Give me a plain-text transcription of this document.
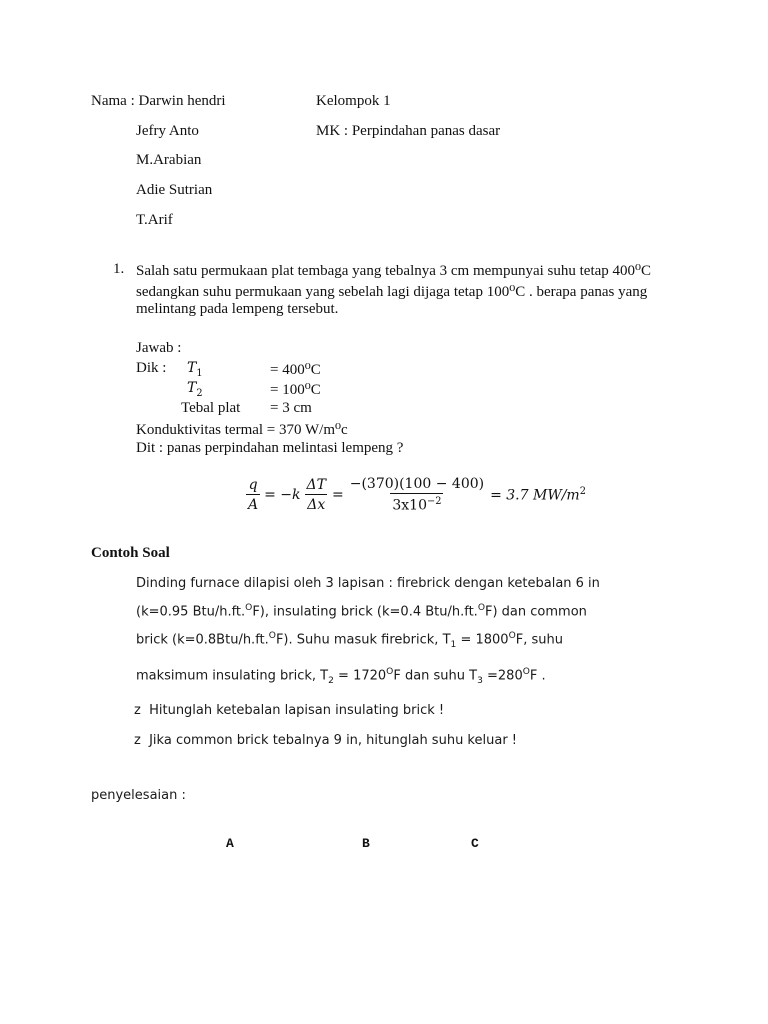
Nama : Darwin hendri
Jefry Anto
M.Arabian
Adie Sutrian
T.Arif
Kelompok 1
MK : Perpindahan panas dasar
1. Salah satu permukaan plat tembaga yang tebalnya 3 cm mempunyai suhu tetap 400⁰C
sedangkan suhu permukaan yang sebelah lagi dijaga tetap 100⁰C . berapa panas yang
melintang pada lempeng tersebut.
Jawab :
Dik : $T_1$	= 400⁰C
$T_2$	= 100⁰C
Tebal plat = 3 cm
Konduktivitas termal = 370 W/m⁰c
Dit : panas perpindahan melintasi lempeng ?
$\frac{q}{A} = -k \frac{\Delta T}{\Delta x} = \frac{-(370)(100 - 400)}{3x10^{-2}} = 3.7$ $MW/m^2$
Contoh Soal
Dinding furnace dilapisi oleh 3 lapisan : firebrick dengan ketebalan 6 in
(k=0.95 Btu/h.ft.$^O$F), insulating brick (k=0.4 Btu/h.ft.$^O$F) dan common
brick (k=0.8Btu/h.ft.$^O$F). Suhu masuk firebrick, $T_1 = 1800^OF$, suhu
maksimum insulating brick, $T_2 = 1720^OF$ dan suhu $T_3 =280^OF$ .
z Hitunglah ketebalan lapisan insulating brick !
z Jika common brick tebalnya 9 in, hitunglah suhu keluar !
penyelesaian :
A	B	C
